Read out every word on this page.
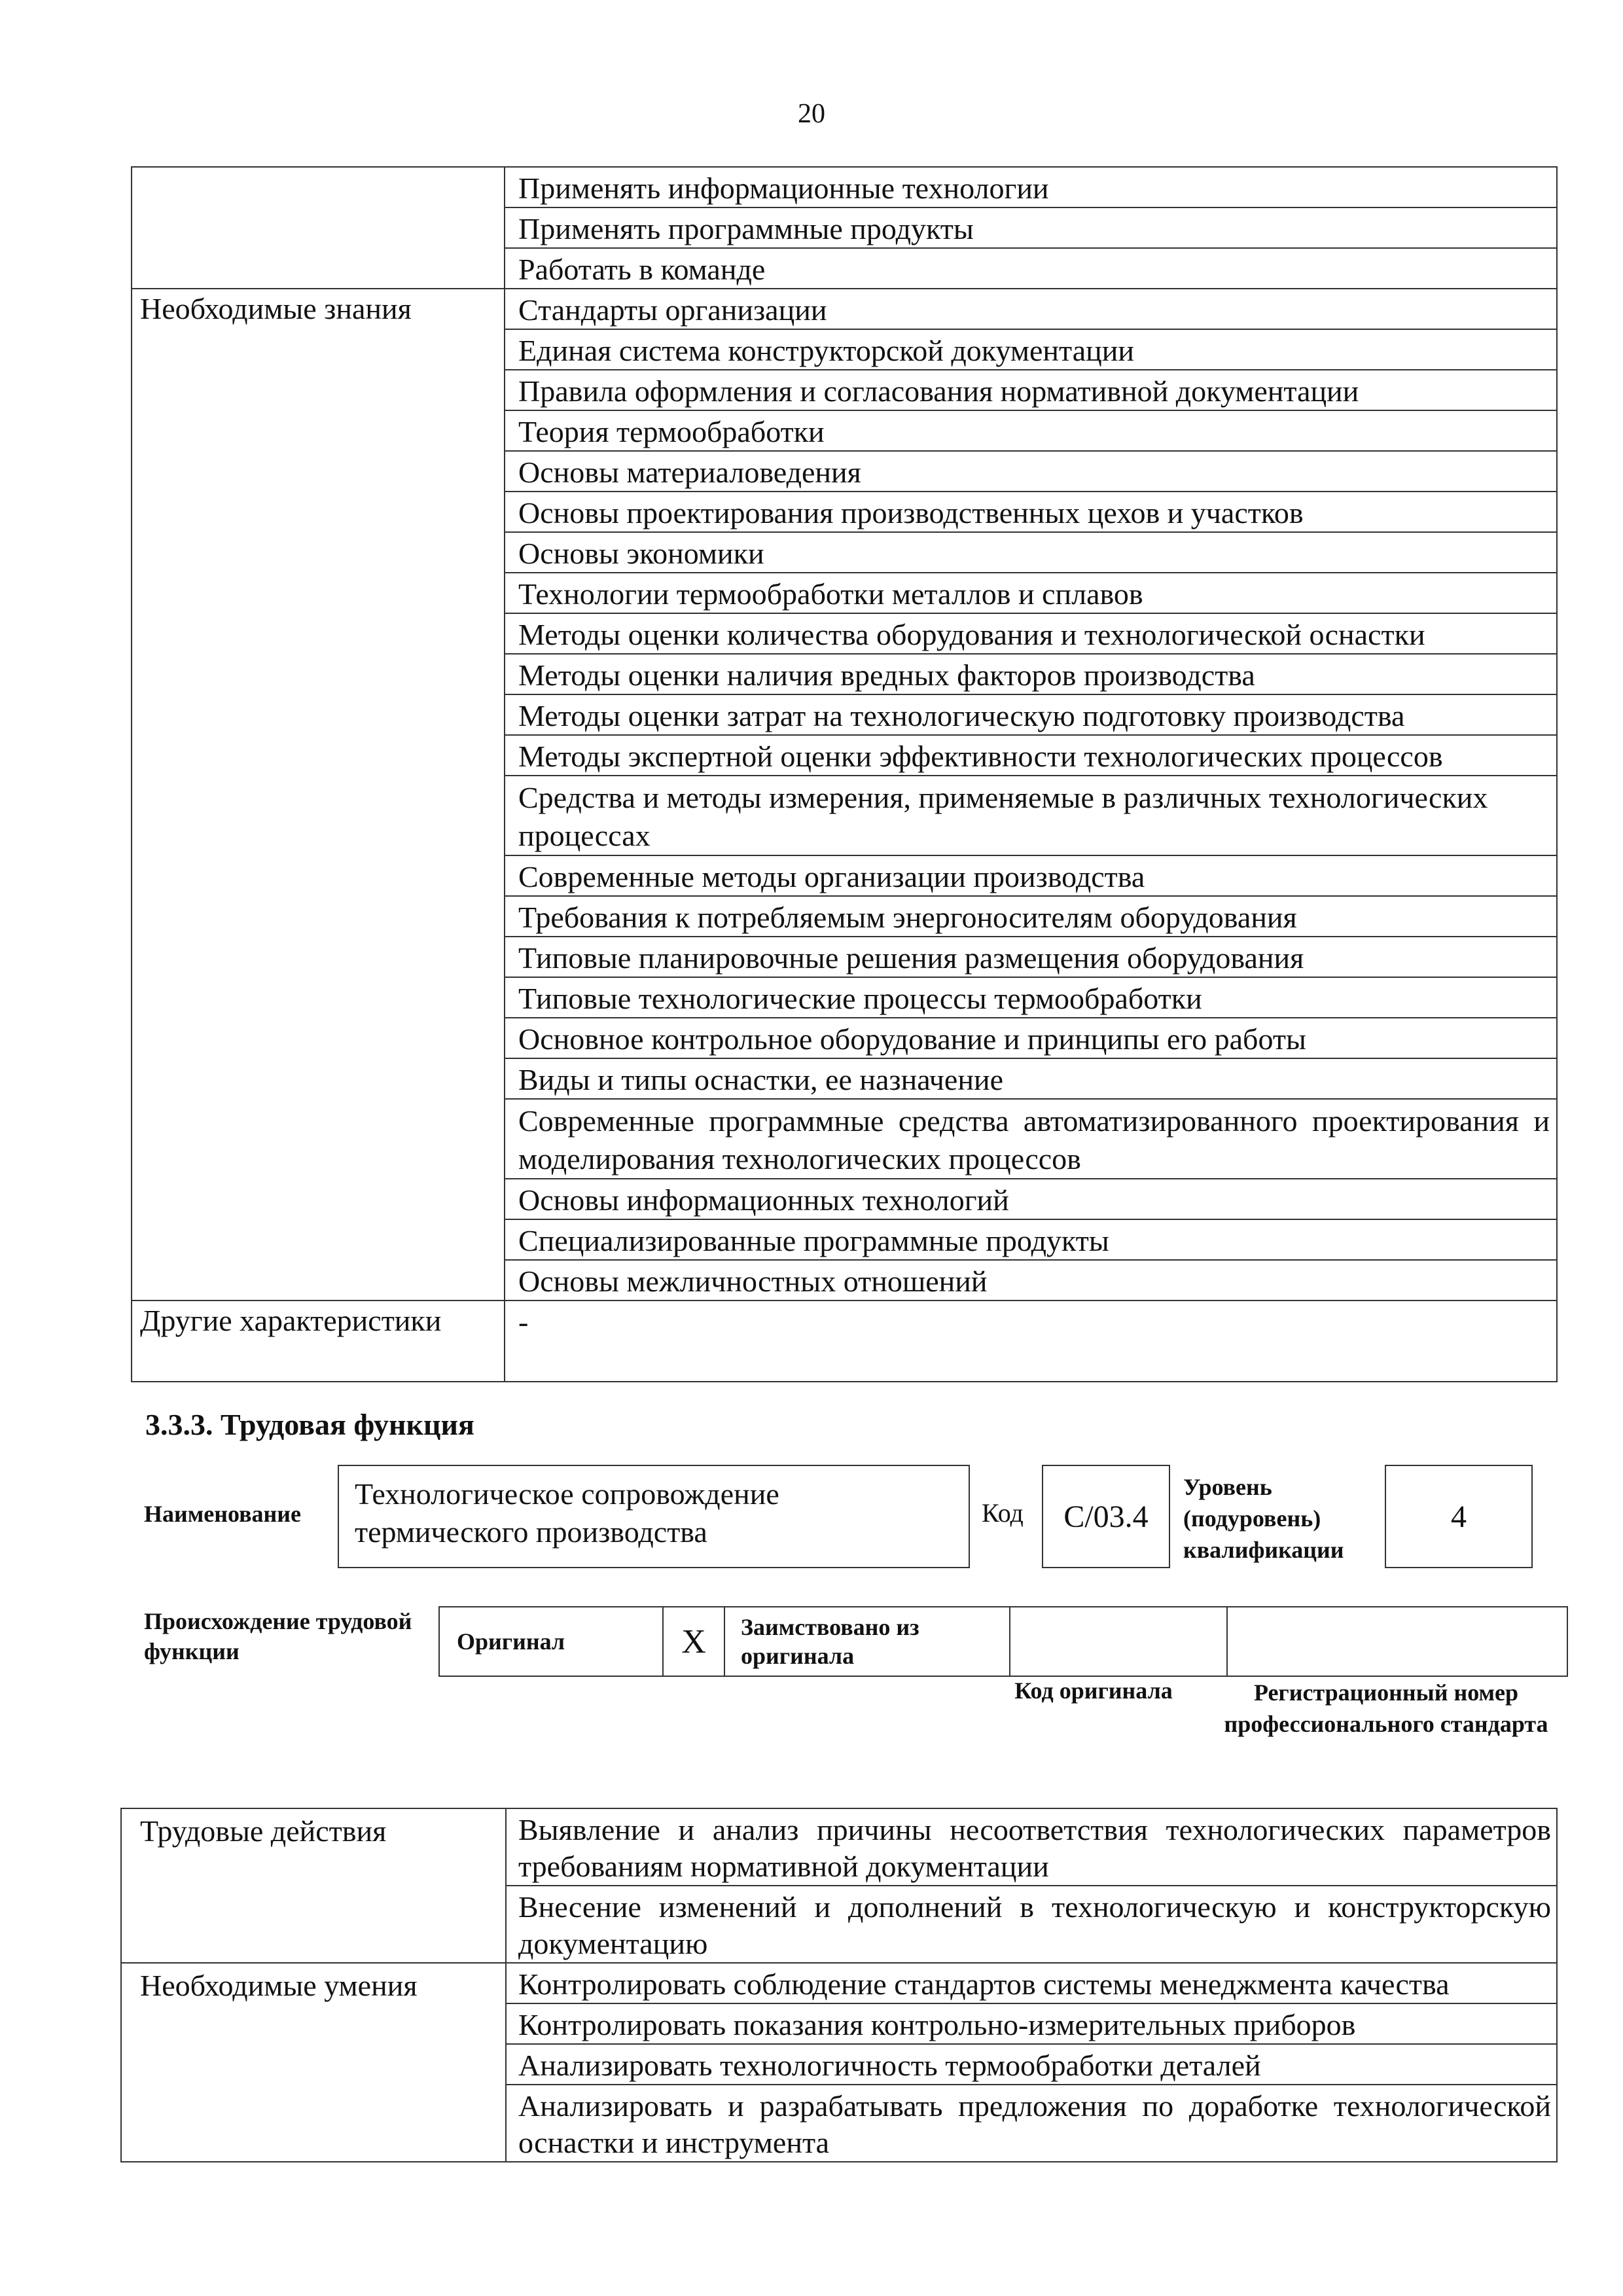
20
	Применять информационные технологии
	Применять программные продукты
	Работать в команде
Необходимые знания	Стандарты организации
	Единая система конструкторской документации
	Правила оформления и согласования нормативной документации
	Теория термообработки
	Основы материаловедения
	Основы проектирования производственных цехов и участков
	Основы экономики
	Технологии термообработки металлов и сплавов
	Методы оценки количества оборудования и технологической оснастки
	Методы оценки наличия вредных факторов производства
	Методы оценки затрат на технологическую подготовку производства
	Методы экспертной оценки эффективности технологических процессов
	Средства и методы измерения, применяемые в различных технологических процессах
	Современные методы организации производства
	Требования к потребляемым энергоносителям оборудования
	Типовые планировочные решения размещения оборудования
	Типовые технологические процессы термообработки
	Основное контрольное оборудование и принципы его работы
	Виды и типы оснастки, ее назначение
	Современные программные средства автоматизированного проектирования и моделирования технологических процессов
	Основы информационных технологий
	Специализированные программные продукты
	Основы межличностных отношений
Другие характеристики	-
3.3.3. Трудовая функция
Наименование
Технологическое сопровождение термического производства
Код	C/03.4
Уровень (подуровень) квалификации
4
Происхождение трудовой функции	Оригинал	X	Заимствовано из оригинала		
Код оригинала	Регистрационный номер профессионального стандарта
Трудовые действия	Выявление и анализ причины несоответствия технологических параметров требованиям нормативной документации
	Внесение изменений и дополнений в технологическую и конструкторскую документацию
Необходимые умения	Контролировать соблюдение стандартов системы менеджмента качества
	Контролировать показания контрольно-измерительных приборов
	Анализировать технологичность термообработки деталей
	Анализировать и разрабатывать предложения по доработке технологической оснастки и инструмента
